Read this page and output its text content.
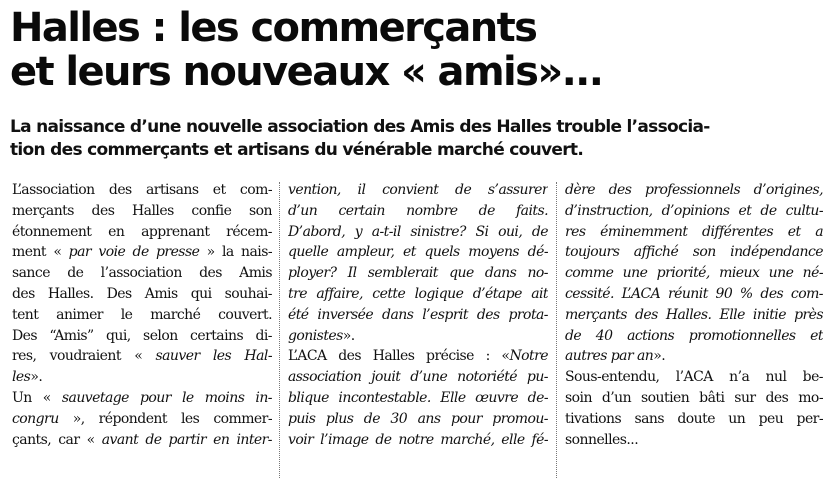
Halles : les commerçants
et leurs nouveaux « amis»...
La naissance d’une nouvelle association des Amis des Halles trouble l’associa-
tion des commerçants et artisans du vénérable marché couvert.
L’association des artisans et com-
merçants des Halles confie son
étonnement en apprenant récem-
ment « par voie de presse » la nais-
sance de l’association des Amis
des Halles. Des Amis qui souhai-
tent animer le marché couvert.
Des “Amis” qui, selon certains di-
res, voudraient « sauver les Hal-
les».
Un « sauvetage pour le moins in-
congru », répondent les commer-
çants, car « avant de partir en inter-
vention, il convient de s’assurer
d’un certain nombre de faits.
D’abord, y a-t-il sinistre? Si oui, de
quelle ampleur, et quels moyens dé-
ployer? Il semblerait que dans no-
tre affaire, cette logique d’étape ait
été inversée dans l’esprit des prota-
gonistes».
L’ACA des Halles précise : «Notre
association jouit d’une notoriété pu-
blique incontestable. Elle œuvre de-
puis plus de 30 ans pour promou-
voir l’image de notre marché, elle fé-
dère des professionnels d’origines,
d’instruction, d’opinions et de cultu-
res éminemment différentes et a
toujours affiché son indépendance
comme une priorité, mieux une né-
cessité. L’ACA réunit 90 % des com-
merçants des Halles. Elle initie près
de 40 actions promotionnelles et
autres par an».
Sous-entendu, l’ACA n’a nul be-
soin d’un soutien bâti sur des mo-
tivations sans doute un peu per-
sonnelles...
